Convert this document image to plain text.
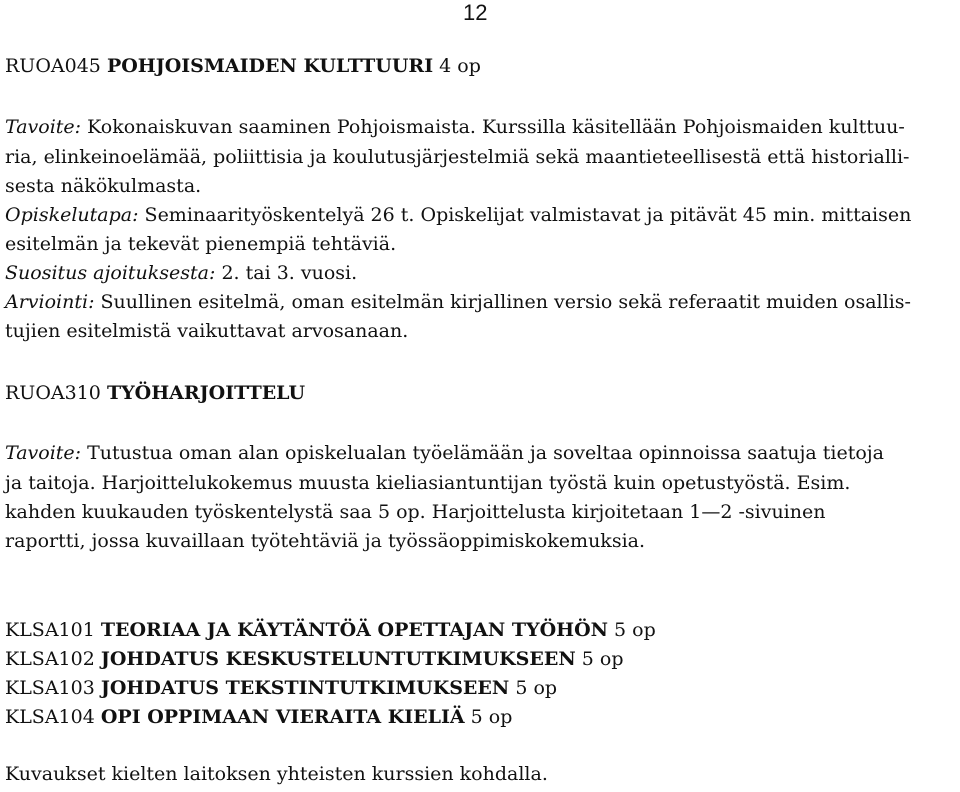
12
RUOA045 POHJOISMAIDEN KULTTUURI 4 op
Tavoite: Kokonaiskuvan saaminen Pohjoismaista. Kurssilla käsitellään Pohjoismaiden kulttuu-
ria, elinkeinoelämää, poliittisia ja koulutusjärjestelmiä sekä maantieteellisestä että historialli-
sesta näkökulmasta.
Opiskelutapa: Seminaarityöskentelyä 26 t. Opiskelijat valmistavat ja pitävät 45 min. mittaisen
esitelmän ja tekevät pienempiä tehtäviä.
Suositus ajoituksesta: 2. tai 3. vuosi.
Arviointi: Suullinen esitelmä, oman esitelmän kirjallinen versio sekä referaatit muiden osallis-
tujien esitelmistä vaikuttavat arvosanaan.
RUOA310 TYÖHARJOITTELU
Tavoite: Tutustua oman alan opiskelualan työelämään ja soveltaa opinnoissa saatuja tietoja
ja taitoja. Harjoittelukokemus muusta kieliasiantuntijan työstä kuin opetustyöstä. Esim.
kahden kuukauden työskentelystä saa 5 op. Harjoittelusta kirjoitetaan 1—2 -sivuinen
raportti, jossa kuvaillaan työtehtäviä ja työssäoppimiskokemuksia.
KLSA101 TEORIAA JA KÄYTÄNTÖÄ OPETTAJAN TYÖHÖN 5 op
KLSA102 JOHDATUS KESKUSTELUNTUTKIMUKSEEN 5 op
KLSA103 JOHDATUS TEKSTINTUTKIMUKSEEN 5 op
KLSA104 OPI OPPIMAAN VIERAITA KIELIÄ 5 op
Kuvaukset kielten laitoksen yhteisten kurssien kohdalla.
